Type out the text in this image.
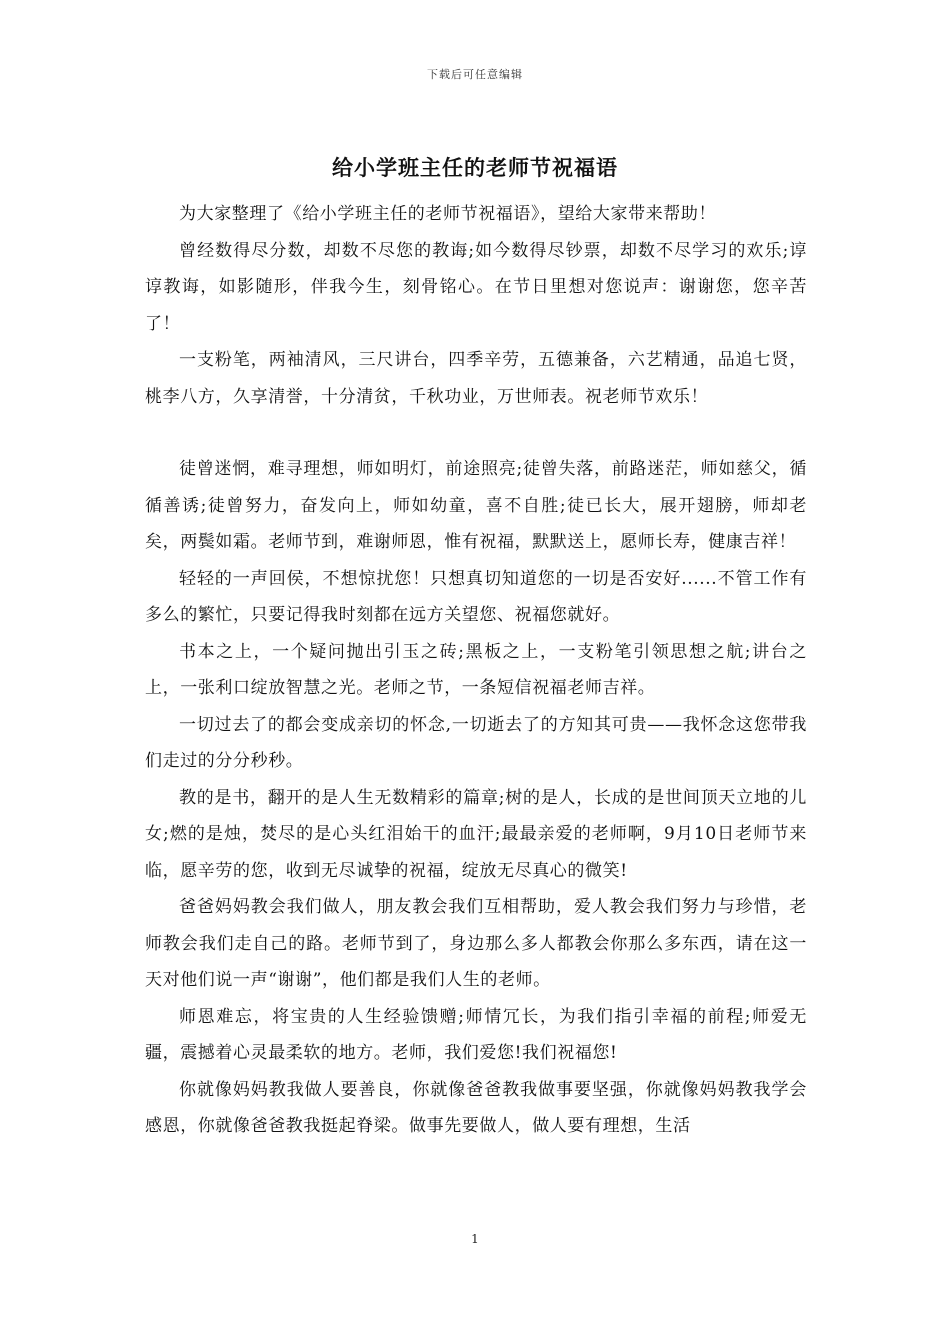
下载后可任意编辑
给小学班主任的老师节祝福语

为大家整理了《给小学班主任的老师节祝福语》，望给大家带来帮助！

曾经数得尽分数，却数不尽您的教诲;如今数得尽钞票，却数不尽学习的欢乐;谆谆教诲，如影随形，伴我今生，刻骨铭心。在节日里想对您说声：谢谢您，您辛苦了！

一支粉笔，两袖清风，三尺讲台，四季辛劳，五德兼备，六艺精通，品追七贤，桃李八方，久享清誉，十分清贫，千秋功业，万世师表。祝老师节欢乐！

徒曾迷惘，难寻理想，师如明灯，前途照亮;徒曾失落，前路迷茫，师如慈父，循循善诱;徒曾努力，奋发向上，师如幼童，喜不自胜;徒已长大，展开翅膀，师却老矣，两鬓如霜。老师节到，难谢师恩，惟有祝福，默默送上，愿师长寿，健康吉祥！

轻轻的一声回侯，不想惊扰您！只想真切知道您的一切是否安好......不管工作有多么的繁忙，只要记得我时刻都在远方关望您、祝福您就好。

书本之上，一个疑问抛出引玉之砖;黑板之上，一支粉笔引领思想之航;讲台之上，一张利口绽放智慧之光。老师之节，一条短信祝福老师吉祥。

一切过去了的都会变成亲切的怀念,一切逝去了的方知其可贵——我怀念这您带我们走过的分分秒秒。

教的是书，翻开的是人生无数精彩的篇章;树的是人，长成的是世间顶天立地的儿女;燃的是烛，焚尽的是心头红泪始干的血汗;最最亲爱的老师啊，9月10日老师节来临，愿辛劳的您，收到无尽诚挚的祝福，绽放无尽真心的微笑!

爸爸妈妈教会我们做人，朋友教会我们互相帮助，爱人教会我们努力与珍惜，老师教会我们走自己的路。老师节到了，身边那么多人都教会你那么多东西，请在这一天对他们说一声“谢谢”，他们都是我们人生的老师。

师恩难忘，将宝贵的人生经验馈赠;师情冗长，为我们指引幸福的前程;师爱无疆，震撼着心灵最柔软的地方。老师，我们爱您!我们祝福您!

你就像妈妈教我做人要善良，你就像爸爸教我做事要坚强，你就像妈妈教我学会感恩，你就像爸爸教我挺起脊梁。做事先要做人，做人要有理想，生活

1
